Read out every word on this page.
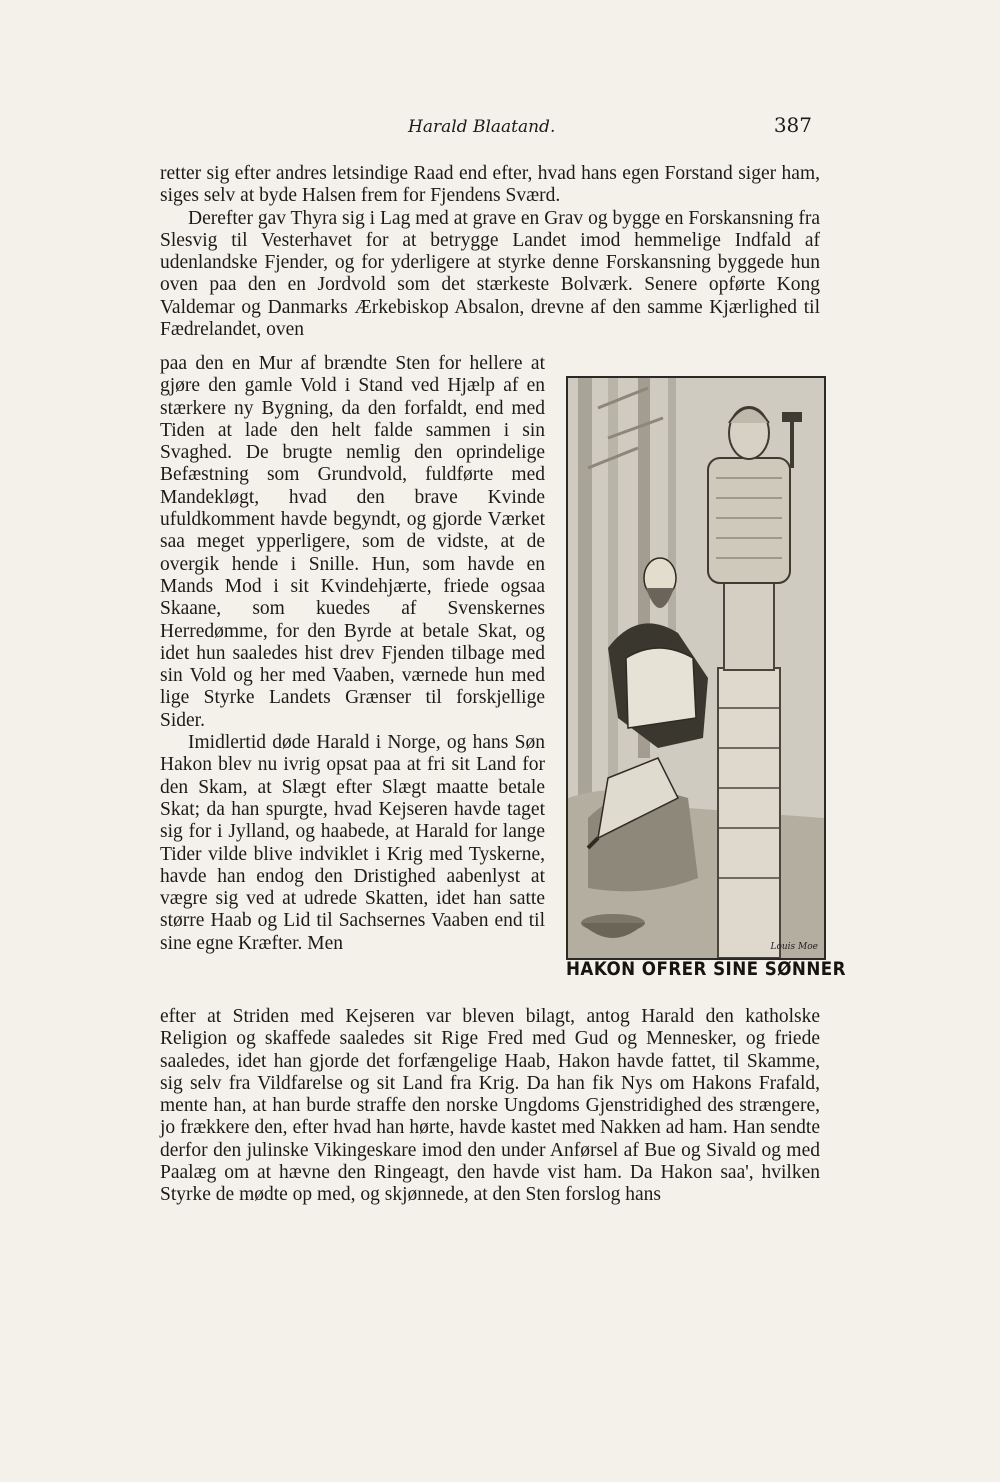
Harald Blaatand.	387

retter sig efter andres letsindige Raad end efter, hvad hans egen Forstand siger ham, siges selv at byde Halsen frem for Fjendens Sværd.

Derefter gav Thyra sig i Lag med at grave en Grav og bygge en Forskansning fra Slesvig til Vesterhavet for at betrygge Landet imod hemmelige Indfald af udenlandske Fjender, og for yderligere at styrke denne Forskansning byggede hun oven paa den en Jordvold som det stærkeste Bolværk. Senere opførte Kong Valdemar og Danmarks Ærkebiskop Absalon, drevne af den samme Kjærlighed til Fædrelandet, oven

paa den en Mur af brændte Sten for hellere at gjøre den gamle Vold i Stand ved Hjælp af en stærkere ny Bygning, da den forfaldt, end med Tiden at lade den helt falde sammen i sin Svaghed. De brugte nemlig den oprindelige Befæstning som Grundvold, fuldførte med Mandekløgt, hvad den brave Kvinde ufuldkomment havde begyndt, og gjorde Værket saa meget ypperligere, som de vidste, at de overgik hende i Snille. Hun, som havde en Mands Mod i sit Kvindehjærte, friede ogsaa Skaane, som kuedes af Svenskernes Herredømme, for den Byrde at betale Skat, og idet hun saaledes hist drev Fjenden tilbage med sin Vold og her med Vaaben, værnede hun med lige Styrke Landets Grænser til forskjellige Sider.

Imidlertid døde Harald i Norge, og hans Søn Hakon blev nu ivrig opsat paa at fri sit Land for den Skam, at Slægt efter Slægt maatte betale Skat; da han spurgte, hvad Kejseren havde taget sig for i Jylland, og haabede, at Harald for lange Tider vilde blive indviklet i Krig med Tyskerne, havde han endog den Dristighed aabenlyst at vægre sig ved at udrede Skatten, idet han satte større Haab og Lid til Sachsernes Vaaben end til sine egne Kræfter. Men	Louis Moe
HAKON OFRER SINE SØNNER

efter at Striden med Kejseren var bleven bilagt, antog Harald den katholske Religion og skaffede saaledes sit Rige Fred med Gud og Mennesker, og friede saaledes, idet han gjorde det forfængelige Haab, Hakon havde fattet, til Skamme, sig selv fra Vildfarelse og sit Land fra Krig. Da han fik Nys om Hakons Frafald, mente han, at han burde straffe den norske Ungdoms Gjenstridighed des strængere, jo frækkere den, efter hvad han hørte, havde kastet med Nakken ad ham. Han sendte derfor den julinske Vikingeskare imod den under Anførsel af Bue og Sivald og med Paalæg om at hævne den Ringeagt, den havde vist ham. Da Hakon saa', hvilken Styrke de mødte op med, og skjønnede, at den Sten forslog hans
